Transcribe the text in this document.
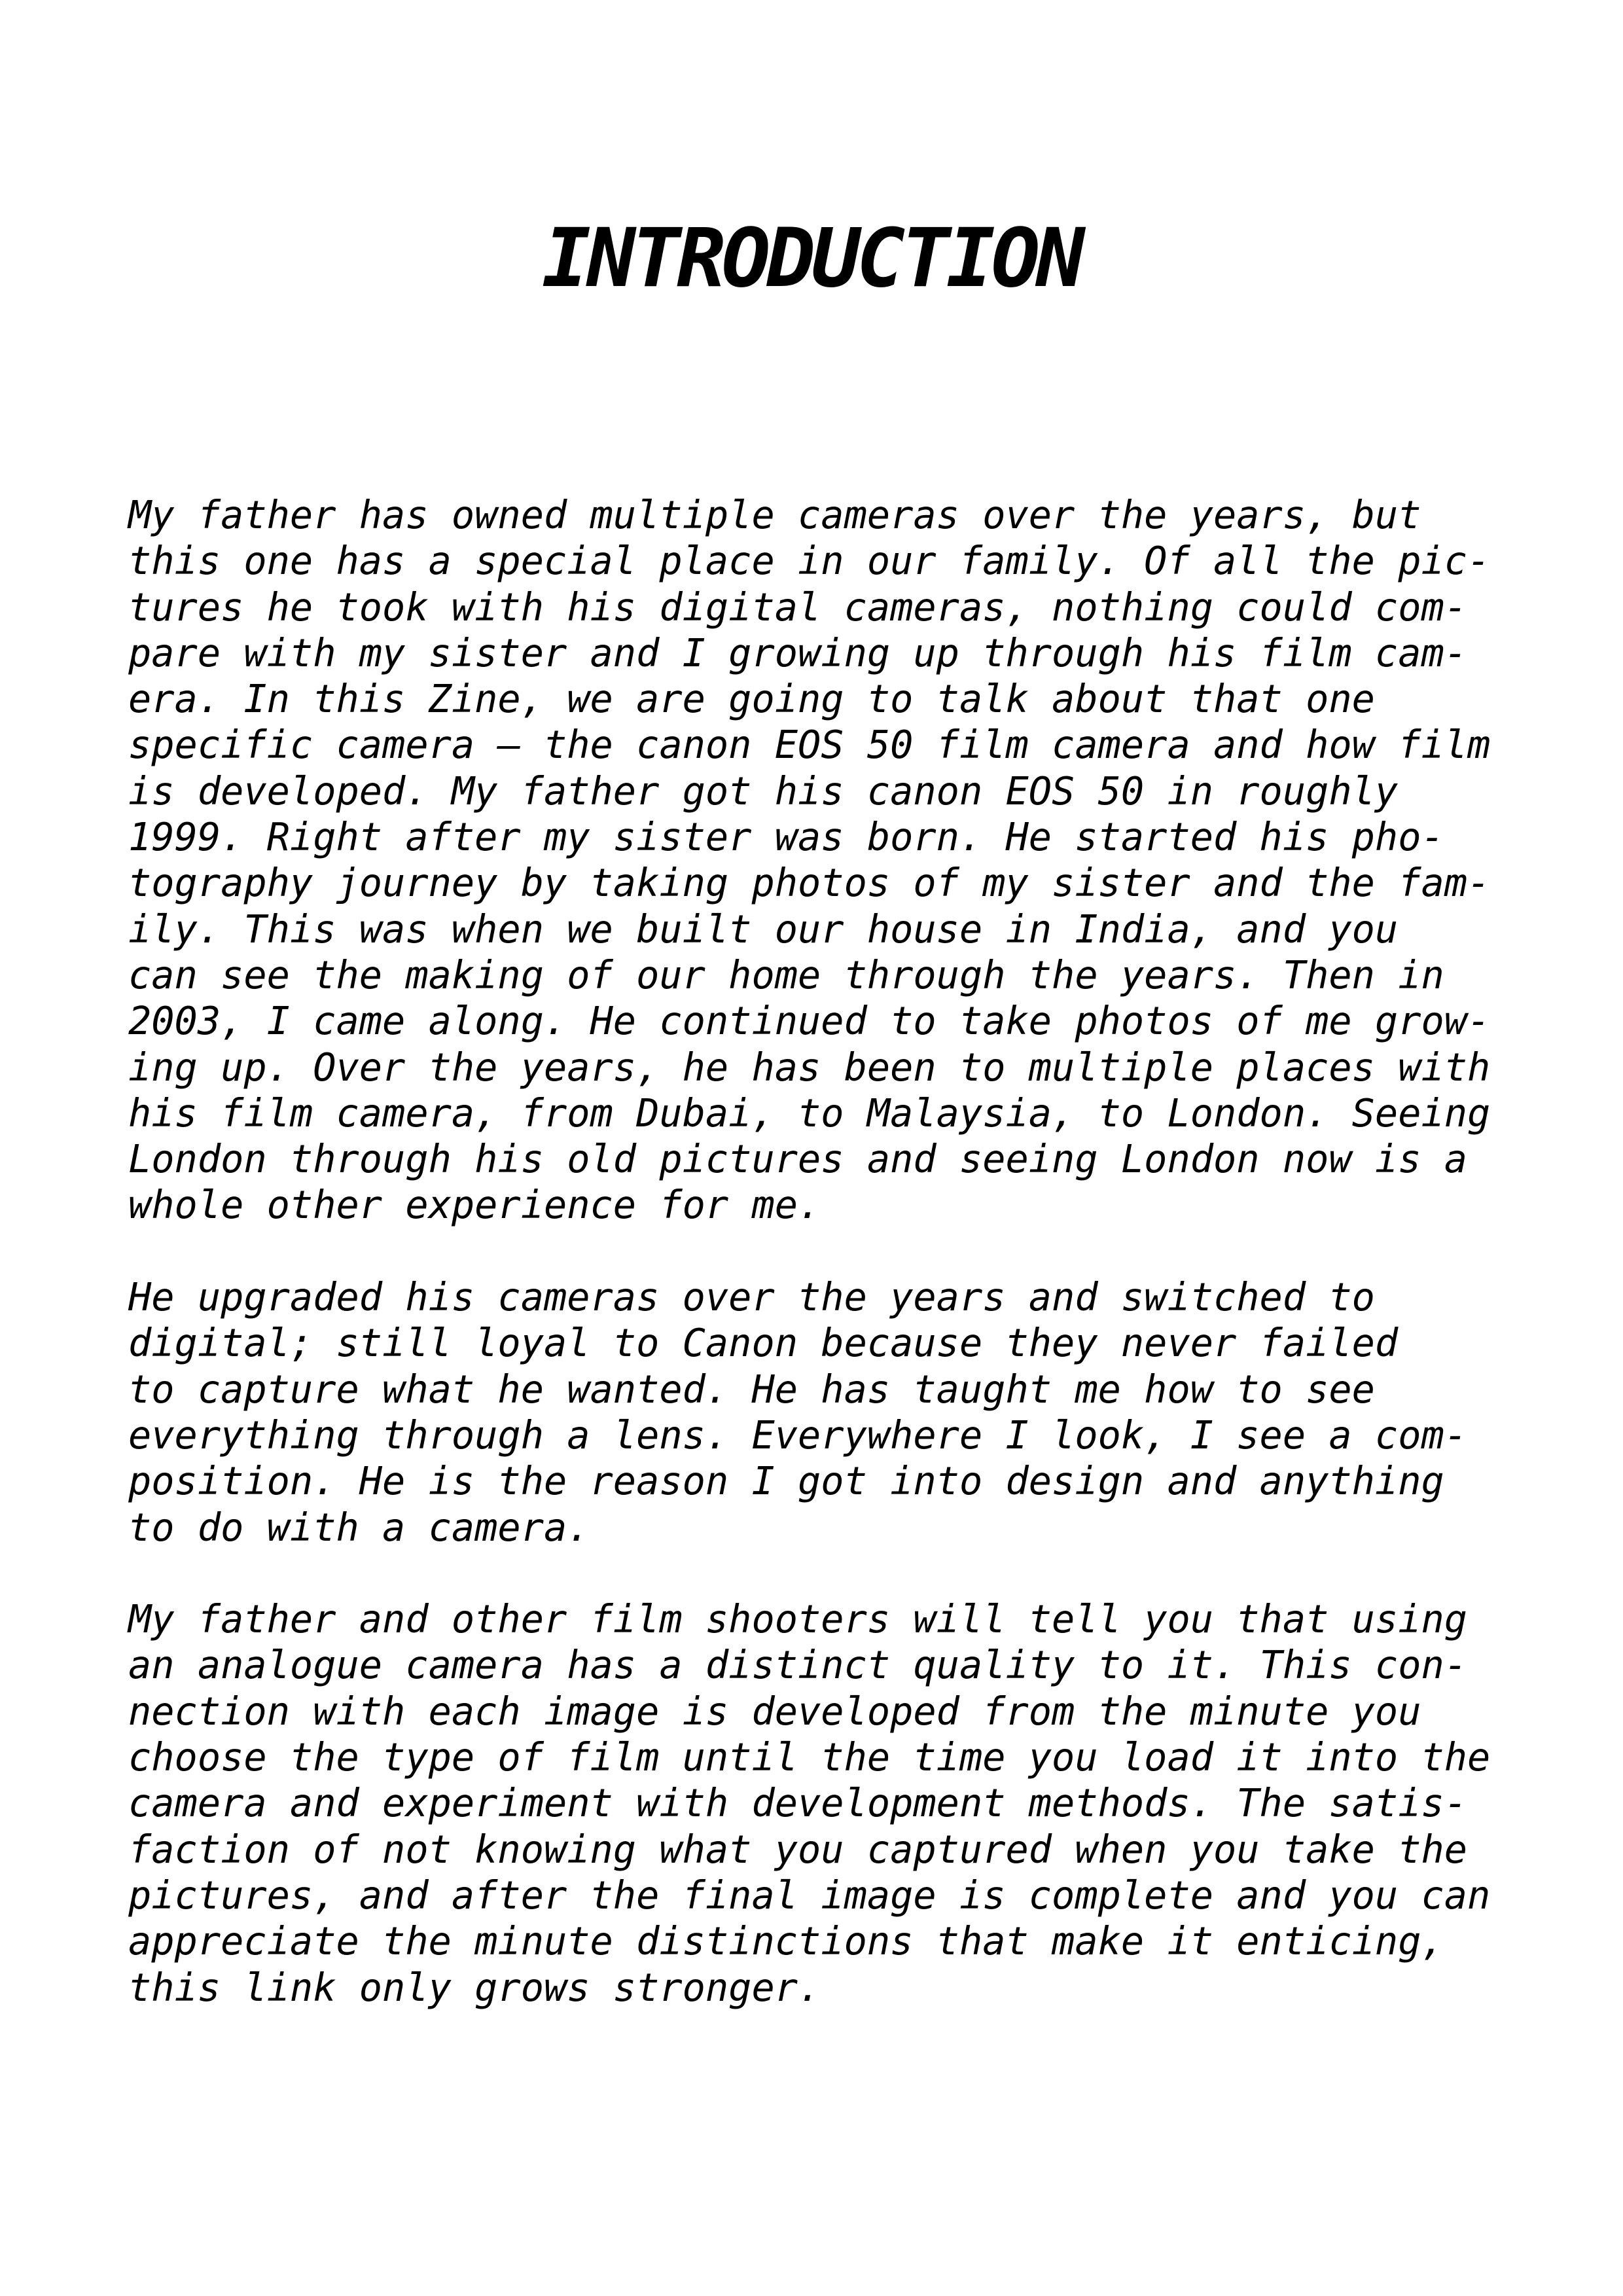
INTRODUCTION

My father has owned multiple cameras over the years, but
this one has a special place in our family. Of all the pic-
tures he took with his digital cameras, nothing could com-
pare with my sister and I growing up through his film cam-
era. In this Zine, we are going to talk about that one
specific camera – the canon EOS 50 film camera and how film
is developed. My father got his canon EOS 50 in roughly
1999. Right after my sister was born. He started his pho-
tography journey by taking photos of my sister and the fam-
ily. This was when we built our house in India, and you
can see the making of our home through the years. Then in
2003, I came along. He continued to take photos of me grow-
ing up. Over the years, he has been to multiple places with
his film camera, from Dubai, to Malaysia, to London. Seeing
London through his old pictures and seeing London now is a
whole other experience for me.

He upgraded his cameras over the years and switched to
digital; still loyal to Canon because they never failed
to capture what he wanted. He has taught me how to see
everything through a lens. Everywhere I look, I see a com-
position. He is the reason I got into design and anything
to do with a camera.

My father and other film shooters will tell you that using
an analogue camera has a distinct quality to it. This con-
nection with each image is developed from the minute you
choose the type of film until the time you load it into the
camera and experiment with development methods. The satis-
faction of not knowing what you captured when you take the
pictures, and after the final image is complete and you can
appreciate the minute distinctions that make it enticing,
this link only grows stronger.
